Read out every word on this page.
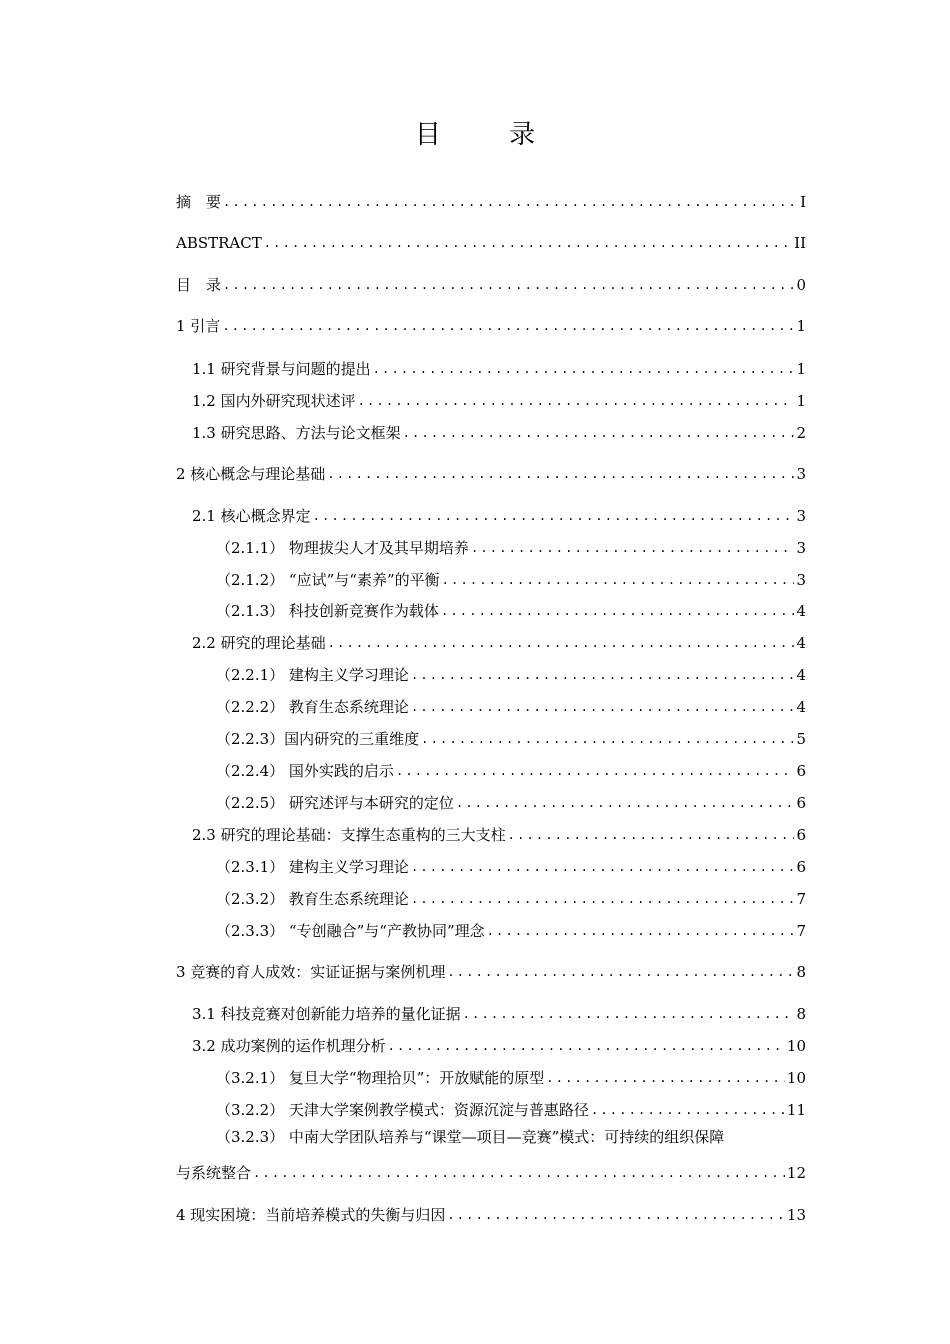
目 录
摘　要 .....	I
ABSTRACT .....	II
目　录 .....	0
1 引言 .....	1
1.1 研究背景与问题的提出 .....	1
1.2 国内外研究现状述评 .....	1
1.3 研究思路、方法与论文框架 .....	2
2 核心概念与理论基础 .....	3
2.1 核心概念界定 .....	3
（2.1.1） 物理拔尖人才及其早期培养 .....	3
（2.1.2） “应试”与“素养”的平衡 .....	3
（2.1.3） 科技创新竞赛作为载体 .....	4
2.2 研究的理论基础 .....	4
（2.2.1） 建构主义学习理论 .....	4
（2.2.2） 教育生态系统理论 .....	4
（2.2.3）国内研究的三重维度 .....	5
（2.2.4） 国外实践的启示 .....	6
（2.2.5） 研究述评与本研究的定位 .....	6
2.3 研究的理论基础：支撑生态重构的三大支柱 .....	6
（2.3.1） 建构主义学习理论 .....	6
（2.3.2） 教育生态系统理论 .....	7
（2.3.3） “专创融合”与“产教协同”理念 .....	7
3 竞赛的育人成效：实证证据与案例机理 .....	8
3.1 科技竞赛对创新能力培养的量化证据 .....	8
3.2 成功案例的运作机理分析 .....	10
（3.2.1） 复旦大学“物理拾贝”：开放赋能的原型 .....	10
（3.2.2） 天津大学案例教学模式：资源沉淀与普惠路径 .....	11
（3.2.3） 中南大学团队培养与“课堂—项目—竞赛”模式：可持续的组织保障
与系统整合 .....	12
4 现实困境：当前培养模式的失衡与归因 .....	13
